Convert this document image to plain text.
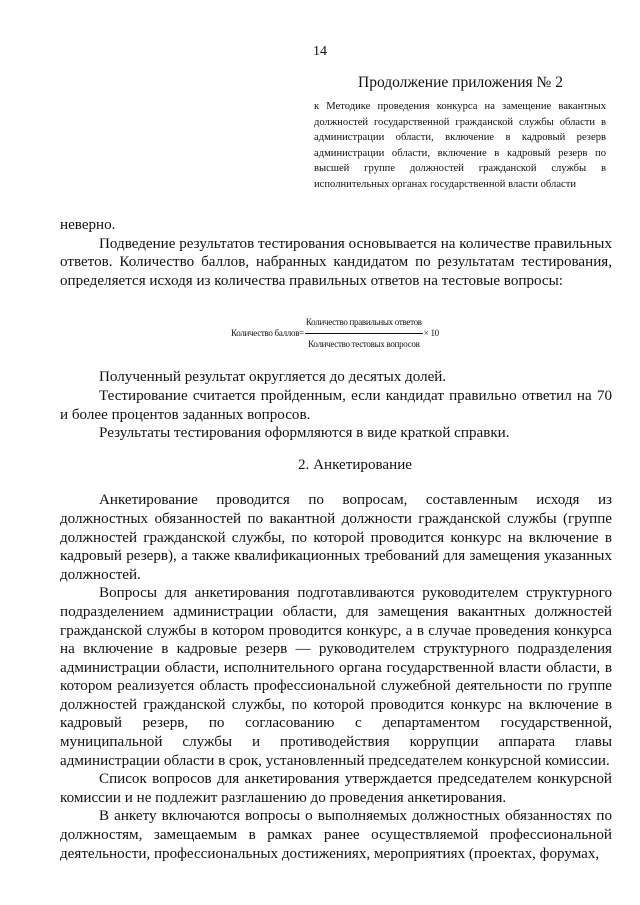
14
Продолжение приложения № 2
к Методике проведения конкурса на замещение вакантных должностей государственной гражданской службы области в администрации области, включение в кадровый резерв администрации области, включение в кадровый резерв по высшей группе должностей гражданской службы в исполнительных органах государственной власти области

неверно.

Подведение результатов тестирования основывается на количестве правильных ответов. Количество баллов, набранных кандидатом по результатам тестирования, определяется исходя из количества правильных ответов на тестовые вопросы:

Количество баллов = $\frac{\text{Количество правильных ответов}}{\text{Количество тестовых вопросов}} \times 10$

Полученный результат округляется до десятых долей.

Тестирование считается пройденным, если кандидат правильно ответил на 70 и более процентов заданных вопросов.

Результаты тестирования оформляются в виде краткой справки.

2. Анкетирование

Анкетирование проводится по вопросам, составленным исходя из должностных обязанностей по вакантной должности гражданской службы (группе должностей гражданской службы, по которой проводится конкурс на включение в кадровый резерв), а также квалификационных требований для замещения указанных должностей.

Вопросы для анкетирования подготавливаются руководителем структурного подразделением администрации области, для замещения вакантных должностей гражданской службы в котором проводится конкурс, а в случае проведения конкурса на включение в кадровые резерв — руководителем структурного подразделения администрации области, исполнительного органа государственной власти области, в котором реализуется область профессиональной служебной деятельности по группе должностей гражданской службы, по которой проводится конкурс на включение в кадровый резерв, по согласованию с департаментом государственной, муниципальной службы и противодействия коррупции аппарата главы администрации области в срок, установленный председателем конкурсной комиссии.

Список вопросов для анкетирования утверждается председателем конкурсной комиссии и не подлежит разглашению до проведения анкетирования.

В анкету включаются вопросы о выполняемых должностных обязанностях по должностям, замещаемым в рамках ранее осуществляемой профессиональной деятельности, профессиональных достижениях, мероприятиях (проектах, форумах,
